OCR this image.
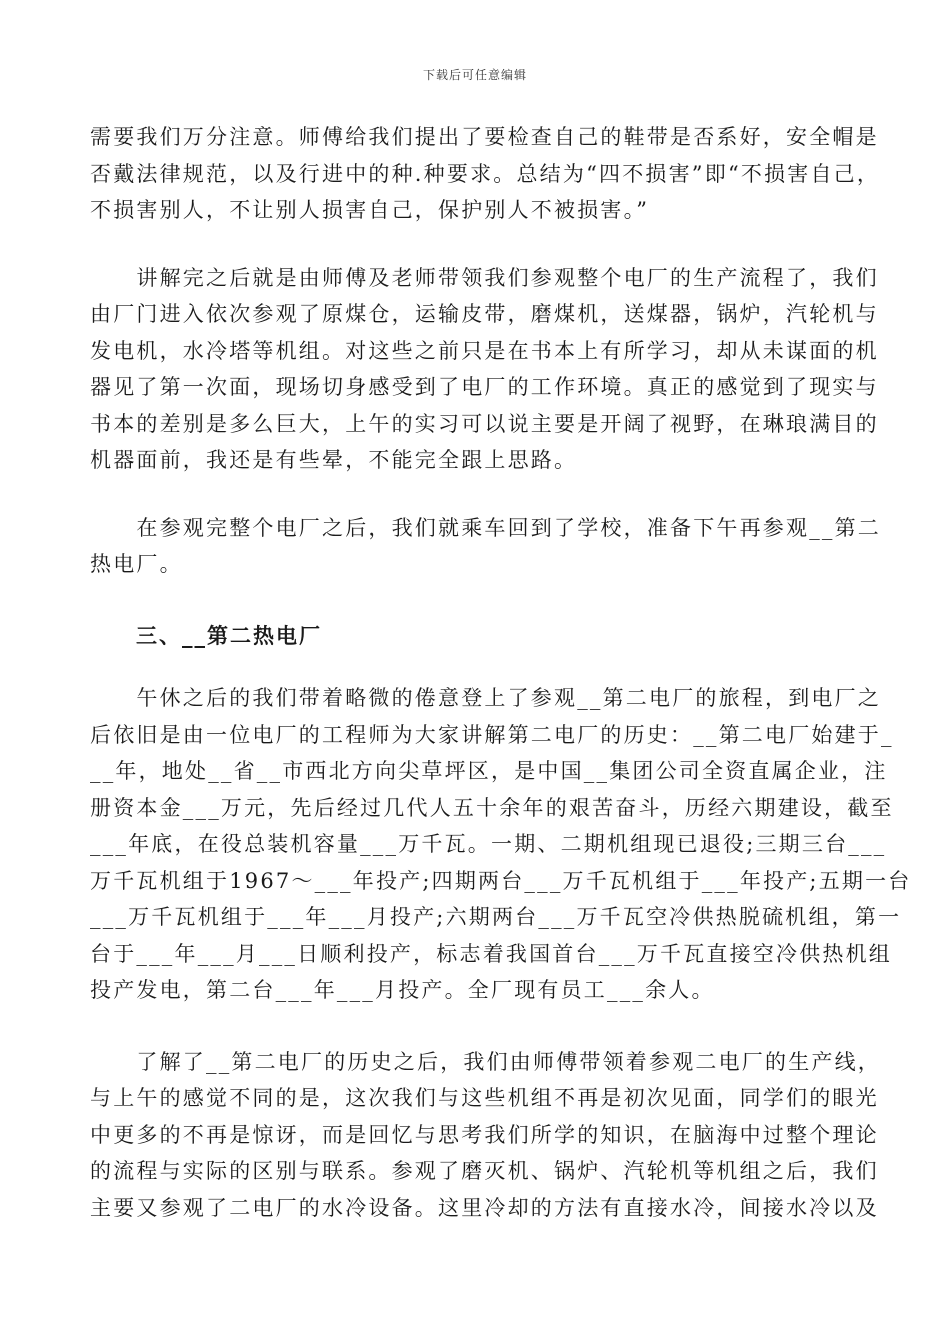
下载后可任意编辑

需要我们万分注意。师傅给我们提出了要检查自己的鞋带是否系好，安全帽是
否戴法律规范，以及行进中的种.种要求。总结为“四不损害”即“不损害自己，
不损害别人，不让别人损害自己，保护别人不被损害。”

　　讲解完之后就是由师傅及老师带领我们参观整个电厂的生产流程了，我们
由厂门进入依次参观了原煤仓，运输皮带，磨煤机，送煤器，锅炉，汽轮机与
发电机，水冷塔等机组。对这些之前只是在书本上有所学习，却从未谋面的机
器见了第一次面，现场切身感受到了电厂的工作环境。真正的感觉到了现实与
书本的差别是多么巨大，上午的实习可以说主要是开阔了视野，在琳琅满目的
机器面前，我还是有些晕，不能完全跟上思路。

　　在参观完整个电厂之后，我们就乘车回到了学校，准备下午再参观__第二
热电厂。

三、__第二热电厂

　　午休之后的我们带着略微的倦意登上了参观__第二电厂的旅程，到电厂之
后依旧是由一位电厂的工程师为大家讲解第二电厂的历史：__第二电厂始建于_
__年，地处__省__市西北方向尖草坪区，是中国__集团公司全资直属企业，注
册资本金___万元，先后经过几代人五十余年的艰苦奋斗，历经六期建设，截至
___年底，在役总装机容量___万千瓦。一期、二期机组现已退役;三期三台___
万千瓦机组于1967～___年投产;四期两台___万千瓦机组于___年投产;五期一台
___万千瓦机组于___年___月投产;六期两台___万千瓦空冷供热脱硫机组，第一
台于___年___月___日顺利投产，标志着我国首台___万千瓦直接空冷供热机组
投产发电，第二台___年___月投产。全厂现有员工___余人。

　　了解了__第二电厂的历史之后，我们由师傅带领着参观二电厂的生产线，
与上午的感觉不同的是，这次我们与这些机组不再是初次见面，同学们的眼光
中更多的不再是惊讶，而是回忆与思考我们所学的知识，在脑海中过整个理论
的流程与实际的区别与联系。参观了磨灭机、锅炉、汽轮机等机组之后，我们
主要又参观了二电厂的水冷设备。这里冷却的方法有直接水冷，间接水冷以及
